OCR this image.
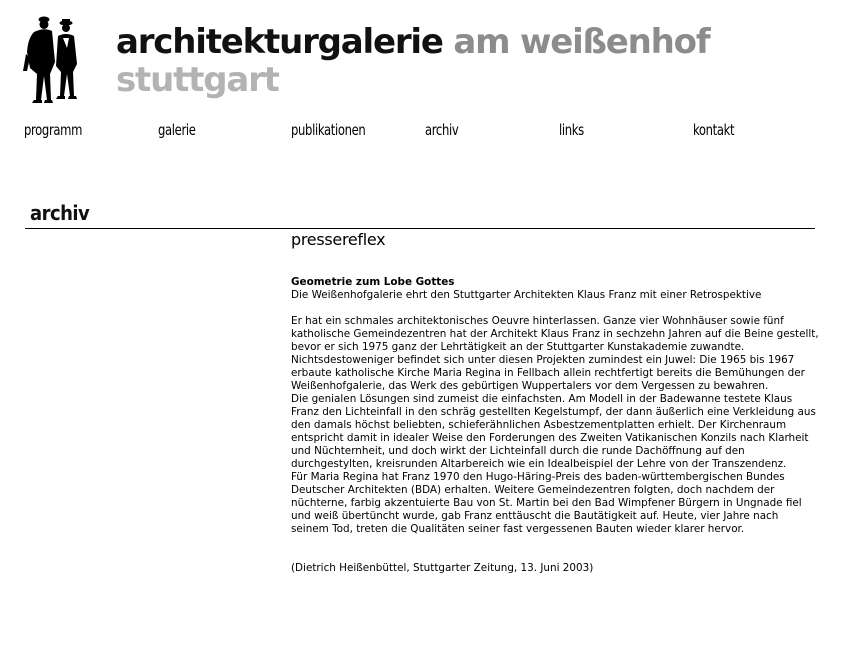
architekturgalerie am weißenhof
stuttgart
programm	galerie	publikationen	archiv	links	kontakt
archiv
pressereflex

Geometrie zum Lobe Gottes

Die Weißenhofgalerie ehrt den Stuttgarter Architekten Klaus Franz mit einer Retrospektive

Er hat ein schmales architektonisches Oeuvre hinterlassen. Ganze vier Wohnhäuser sowie fünf katholische Gemeindezentren hat der Architekt Klaus Franz in sechzehn Jahren auf die Beine gestellt, bevor er sich 1975 ganz der Lehrtätigkeit an der Stuttgarter Kunstakademie zuwandte. Nichtsdestoweniger befindet sich unter diesen Projekten zumindest ein Juwel: Die 1965 bis 1967 erbaute katholische Kirche Maria Regina in Fellbach allein rechtfertigt bereits die Bemühungen der Weißenhofgalerie, das Werk des gebürtigen Wuppertalers vor dem Vergessen zu bewahren.

Die genialen Lösungen sind zumeist die einfachsten. Am Modell in der Badewanne testete Klaus Franz den Lichteinfall in den schräg gestellten Kegelstumpf, der dann äußerlich eine Verkleidung aus den damals höchst beliebten, schieferähnlichen Asbestzementplatten erhielt. Der Kirchenraum entspricht damit in idealer Weise den Forderungen des Zweiten Vatikanischen Konzils nach Klarheit und Nüchternheit, und doch wirkt der Lichteinfall durch die runde Dachöffnung auf den durchgestylten, kreisrunden Altarbereich wie ein Idealbeispiel der Lehre von der Transzendenz.

Für Maria Regina hat Franz 1970 den Hugo-Häring-Preis des baden-württembergischen Bundes Deutscher Architekten (BDA) erhalten. Weitere Gemeindezentren folgten, doch nachdem der nüchterne, farbig akzentuierte Bau von St. Martin bei den Bad Wimpfener Bürgern in Ungnade fiel und weiß übertüncht wurde, gab Franz enttäuscht die Bautätigkeit auf. Heute, vier Jahre nach seinem Tod, treten die Qualitäten seiner fast vergessenen Bauten wieder klarer hervor.

(Dietrich Heißenbüttel, Stuttgarter Zeitung, 13. Juni 2003)
